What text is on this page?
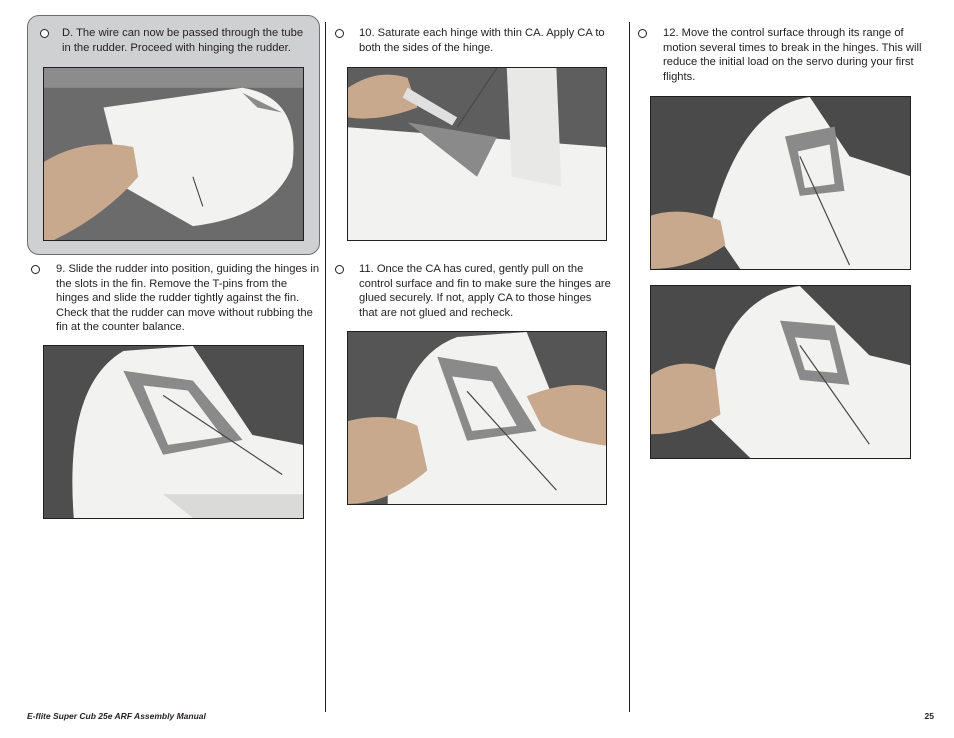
D. The wire can now be passed through the tube in the rudder. Proceed with hinging the rudder.
9. Slide the rudder into position, guiding the hinges in the slots in the fin. Remove the T-pins from the hinges and slide the rudder tightly against the fin. Check that the rudder can move without rubbing the fin at the counter balance.
10. Saturate each hinge with thin CA. Apply CA to both the sides of the hinge.
11. Once the CA has cured, gently pull on the control surface and fin to make sure the hinges are glued securely. If not, apply CA to those hinges that are not glued and recheck.
12. Move the control surface through its range of motion several times to break in the hinges. This will reduce the initial load on the servo during your first flights.
E-flite Super Cub 25e ARF Assembly Manual	25
